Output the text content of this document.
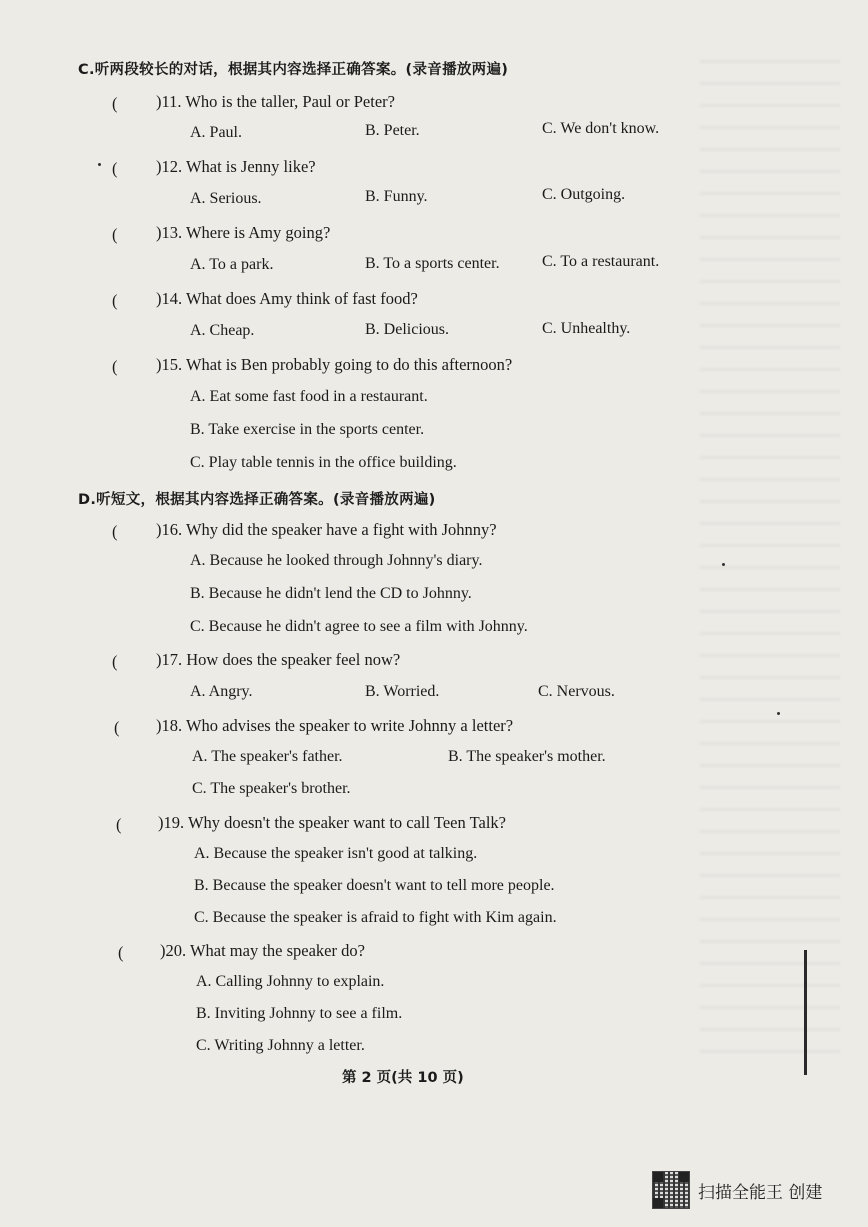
C.听两段较长的对话，根据其内容选择正确答案。(录音播放两遍)
( )11. Who is the taller, Paul or Peter?
A. Paul.	B. Peter.	C. We don't know.
( )12. What is Jenny like?
A. Serious.	B. Funny.	C. Outgoing.
( )13. Where is Amy going?
A. To a park.	B. To a sports center.	C. To a restaurant.
( )14. What does Amy think of fast food?
A. Cheap.	B. Delicious.	C. Unhealthy.
( )15. What is Ben probably going to do this afternoon?
A. Eat some fast food in a restaurant.
B. Take exercise in the sports center.
C. Play table tennis in the office building.
D.听短文，根据其内容选择正确答案。(录音播放两遍)
( )16. Why did the speaker have a fight with Johnny?
A. Because he looked through Johnny's diary.
B. Because he didn't lend the CD to Johnny.
C. Because he didn't agree to see a film with Johnny.
( )17. How does the speaker feel now?
A. Angry.	B. Worried.	C. Nervous.
( )18. Who advises the speaker to write Johnny a letter?
A. The speaker's father.	B. The speaker's mother.
C. The speaker's brother.
( )19. Why doesn't the speaker want to call Teen Talk?
A. Because the speaker isn't good at talking.
B. Because the speaker doesn't want to tell more people.
C. Because the speaker is afraid to fight with Kim again.
( )20. What may the speaker do?
A. Calling Johnny to explain.
B. Inviting Johnny to see a film.
C. Writing Johnny a letter.
第 2 页(共 10 页)
扫描全能王 创建
